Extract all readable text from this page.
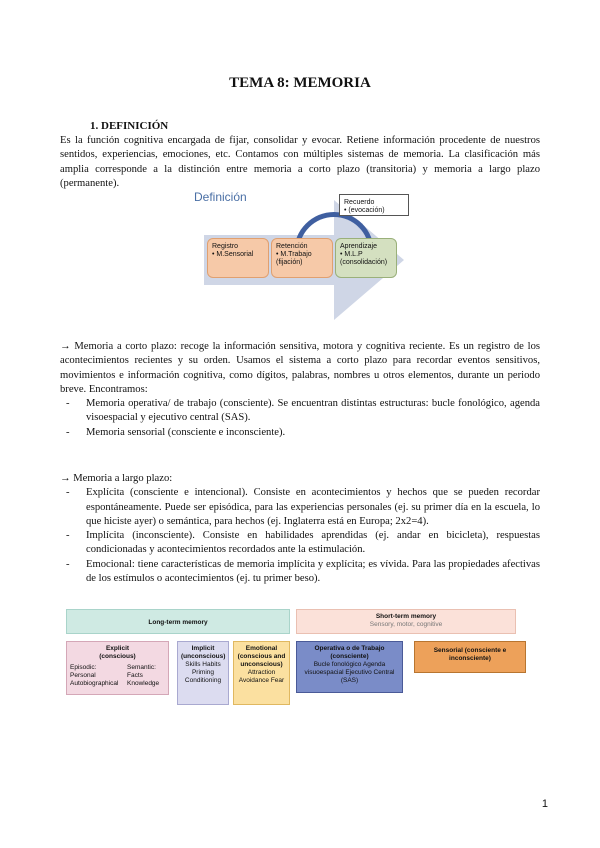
TEMA 8: MEMORIA
1. DEFINICIÓN
Es la función cognitiva encargada de fijar, consolidar y evocar. Retiene información procedente de nuestros sentidos, experiencias, emociones, etc. Contamos con múltiples sistemas de memoria. La clasificación más amplia corresponde a la distinción entre memoria a corto plazo (transitoria) y memoria a largo plazo (permanente).
Definición
Registro
• M.Sensorial
Retención
• M.Trabajo (fijación)
Aprendizaje
• M.L.P (consolidación)
Recuerdo
• (evocación)
→ Memoria a corto plazo: recoge la información sensitiva, motora y cognitiva reciente. Es un registro de los acontecimientos recientes y su orden. Usamos el sistema a corto plazo para recordar eventos sensitivos, movimientos e información cognitiva, como dígitos, palabras, nombres u otros elementos, durante un periodo breve. Encontramos:
- Memoria operativa/ de trabajo (consciente). Se encuentran distintas estructuras: bucle fonológico, agenda visoespacial y ejecutivo central (SAS).
- Memoria sensorial (consciente e inconsciente).
→ Memoria a largo plazo:
- Explícita (consciente e intencional). Consiste en acontecimientos y hechos que se pueden recordar espontáneamente. Puede ser episódica, para las experiencias personales (ej. su primer día en la escuela, lo que hiciste ayer) o semántica, para hechos (ej. Inglaterra está en Europa; 2x2=4).
- Implícita (inconsciente). Consiste en habilidades aprendidas (ej. andar en bicicleta), respuestas condicionadas y acontecimientos recordados ante la estimulación.
- Emocional: tiene características de memoria implícita y explícita; es vívida. Para las propiedades afectivas de los estímulos o acontecimientos (ej. tu primer beso).
Long-term memory
Explicit (conscious)
Episodic: Personal Autobiographical
Semantic: Facts Knowledge
Implicit (unconscious)
Skills Habits Priming Conditioning
Emotional (conscious and unconscious)
Attraction Avoidance Fear
Short-term memory
Sensory, motor, cognitive
Operativa o de Trabajo (consciente)
Bucle fonológico Agenda visuoespacial Ejecutivo Central (SAS)
Sensorial (consciente e inconsciente)
1
